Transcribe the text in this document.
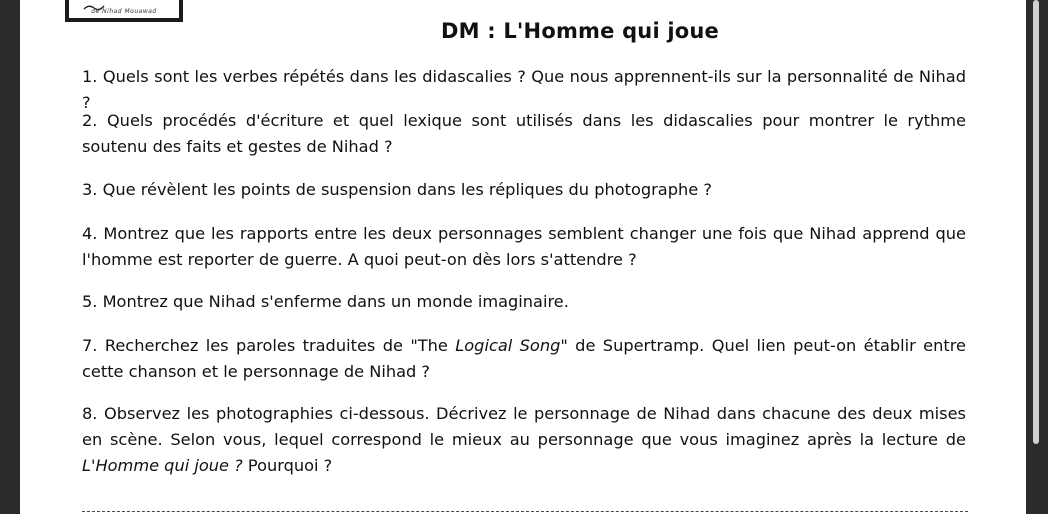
de Nihad Mouawad
DM : L'Homme qui joue
1. Quels sont les verbes répétés dans les didascalies ? Que nous apprennent-ils sur la personnalité de Nihad ?
2. Quels procédés d'écriture et quel lexique sont utilisés dans les didascalies pour montrer le rythme soutenu des faits et gestes de Nihad ?
3. Que révèlent les points de suspension dans les répliques du photographe ?
4. Montrez que les rapports entre les deux personnages semblent changer une fois que Nihad apprend que l'homme est reporter de guerre. A quoi peut-on dès lors s'attendre ?
5. Montrez que Nihad s'enferme dans un monde imaginaire.
7. Recherchez les paroles traduites de "The Logical Song" de Supertramp. Quel lien peut-on établir entre cette chanson et le personnage de Nihad ?
8. Observez les photographies ci-dessous. Décrivez le personnage de Nihad dans chacune des deux mises en scène. Selon vous, lequel correspond le mieux au personnage que vous imaginez après la lecture de L'Homme qui joue ? Pourquoi ?
